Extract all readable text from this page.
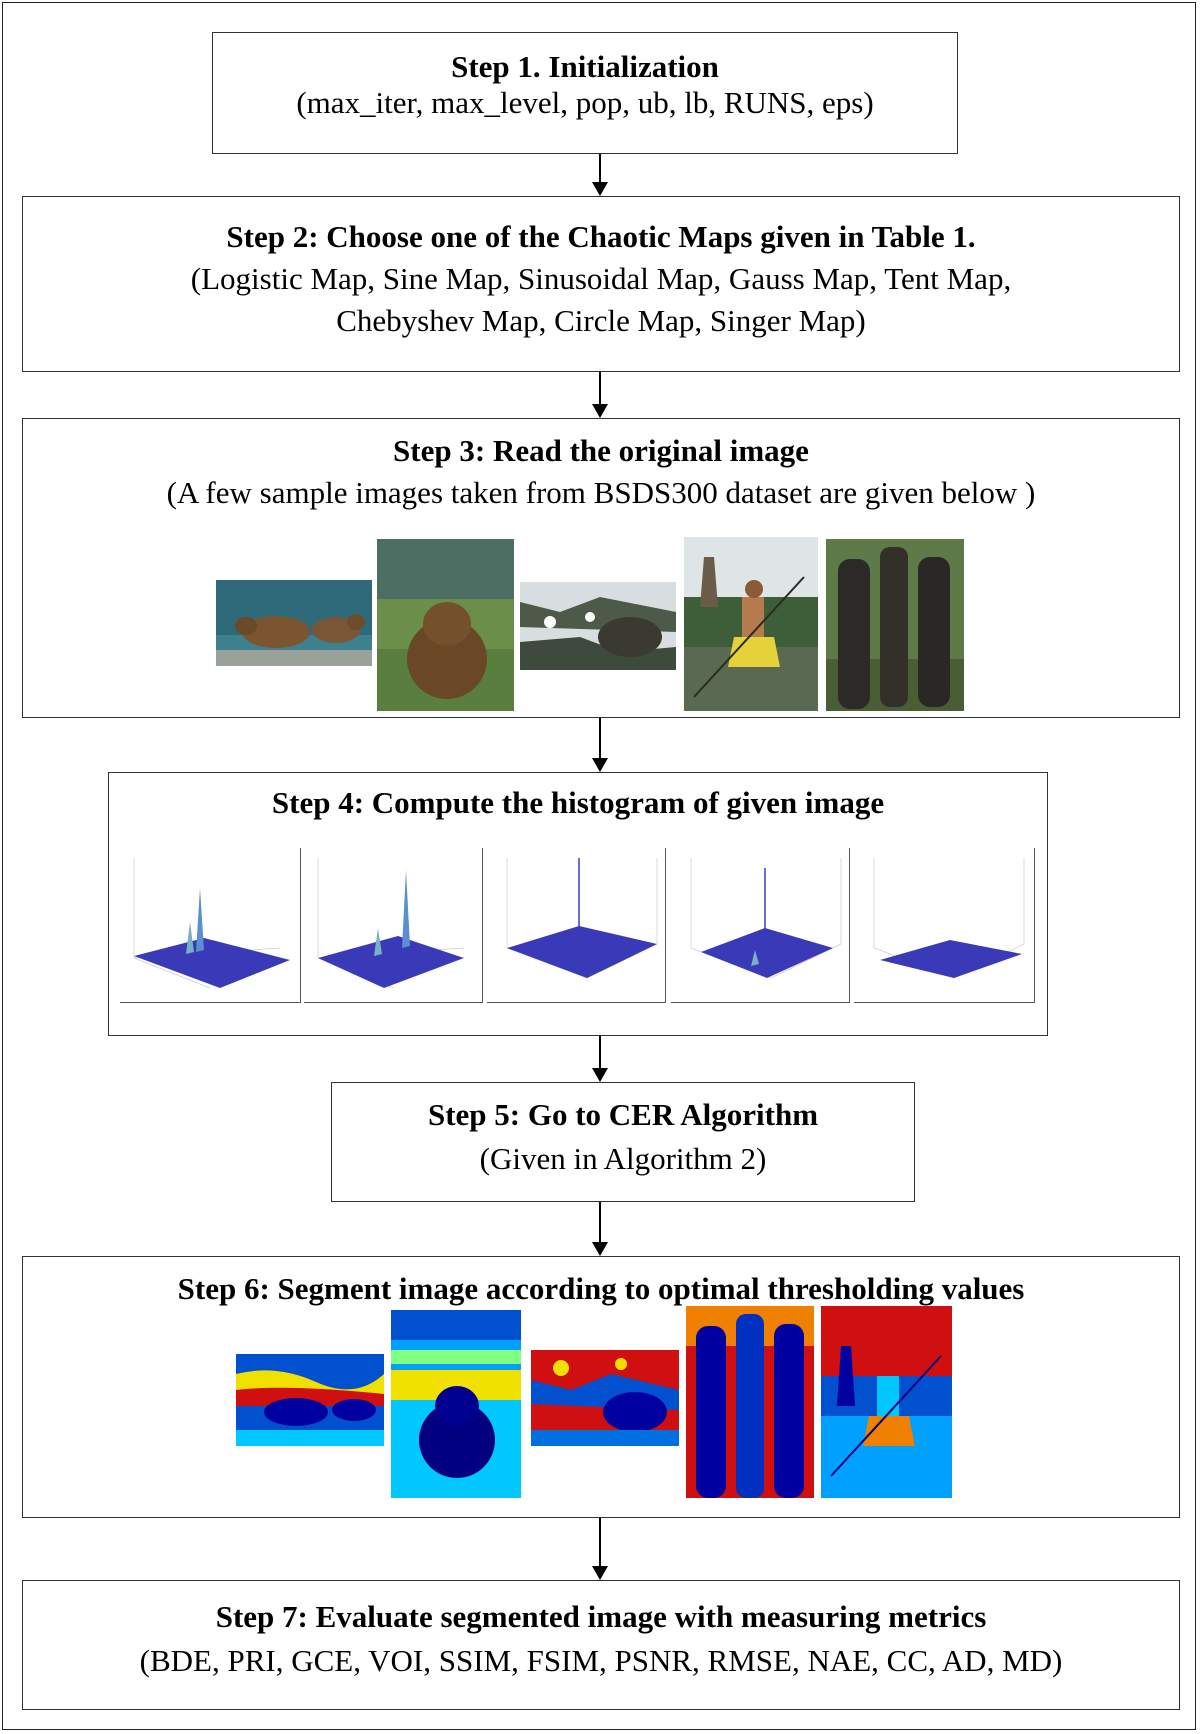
Step 1. Initialization
(max_iter, max_level, pop, ub, lb, RUNS, eps)
Step 2: Choose one of the Chaotic Maps given in Table 1.
(Logistic Map, Sine Map, Sinusoidal Map, Gauss Map, Tent Map,
Chebyshev Map, Circle Map, Singer Map)
Step 3: Read the original image
(A few sample images taken from BSDS300 dataset are given below )
Step 4: Compute the histogram of given image
Step 5: Go to CER Algorithm
(Given in Algorithm 2)
Step 6: Segment image according to optimal thresholding values
Step 7: Evaluate segmented image with measuring metrics
(BDE, PRI, GCE, VOI, SSIM, FSIM, PSNR, RMSE, NAE, CC, AD, MD)
